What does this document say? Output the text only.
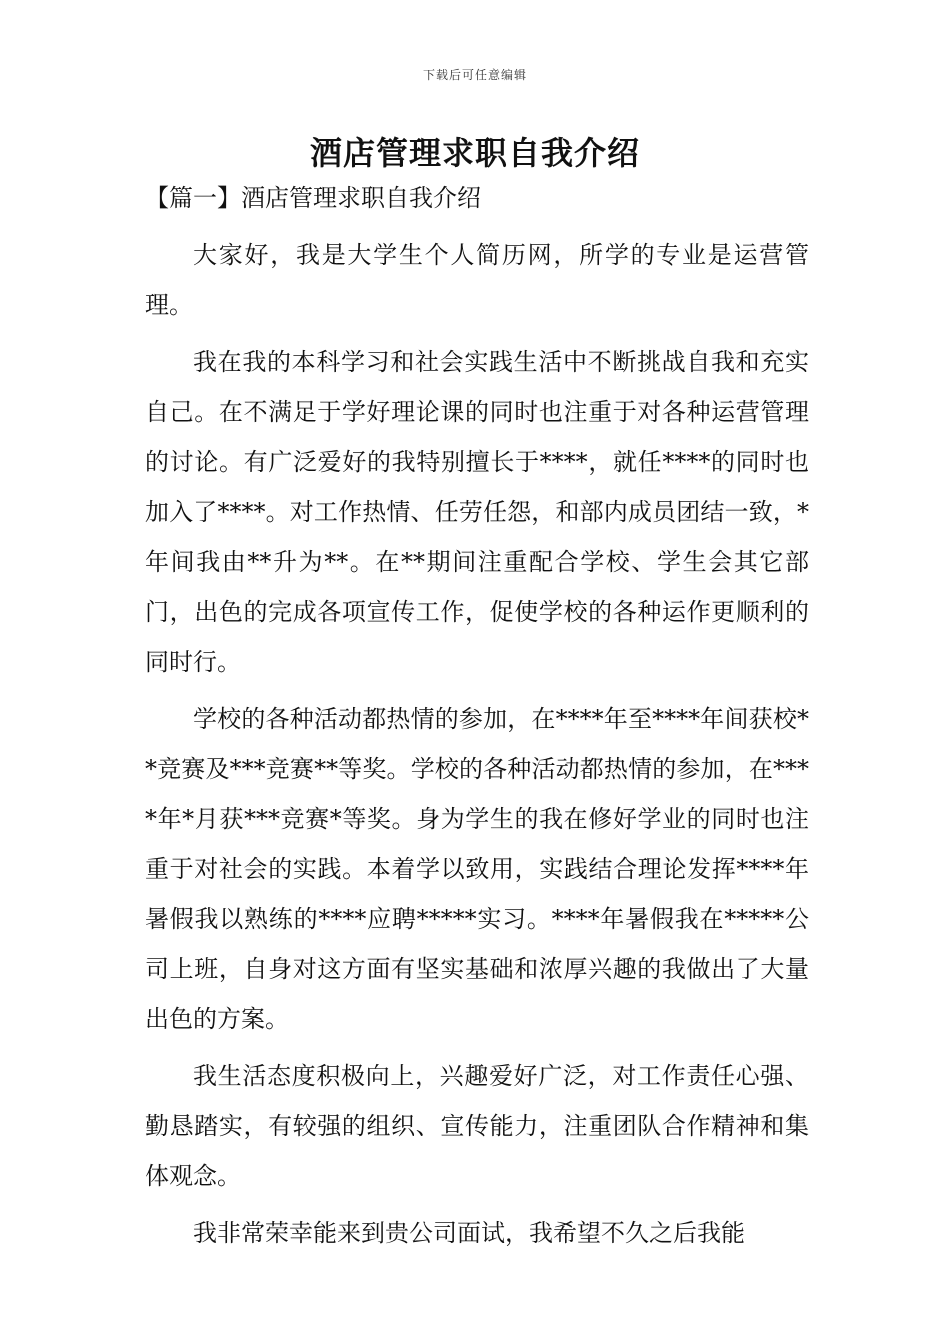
下载后可任意编辑
酒店管理求职自我介绍
【篇一】酒店管理求职自我介绍

大家好，我是大学生个人简历网，所学的专业是运营管理。

我在我的本科学习和社会实践生活中不断挑战自我和充实自己。在不满足于学好理论课的同时也注重于对各种运营管理的讨论。有广泛爱好的我特别擅长于****，就任****的同时也加入了****。对工作热情、任劳任怨，和部内成员团结一致，*年间我由**升为**。在**期间注重配合学校、学生会其它部门，出色的完成各项宣传工作，促使学校的各种运作更顺利的同时行。

学校的各种活动都热情的参加，在****年至****年间获校**竞赛及***竞赛**等奖。学校的各种活动都热情的参加，在****年*月获***竞赛*等奖。身为学生的我在修好学业的同时也注重于对社会的实践。本着学以致用，实践结合理论发挥****年暑假我以熟练的****应聘*****实习。****年暑假我在*****公司上班，自身对这方面有坚实基础和浓厚兴趣的我做出了大量出色的方案。

我生活态度积极向上，兴趣爱好广泛，对工作责任心强、勤恳踏实，有较强的组织、宣传能力，注重团队合作精神和集体观念。

我非常荣幸能来到贵公司面试，我希望不久之后我能
